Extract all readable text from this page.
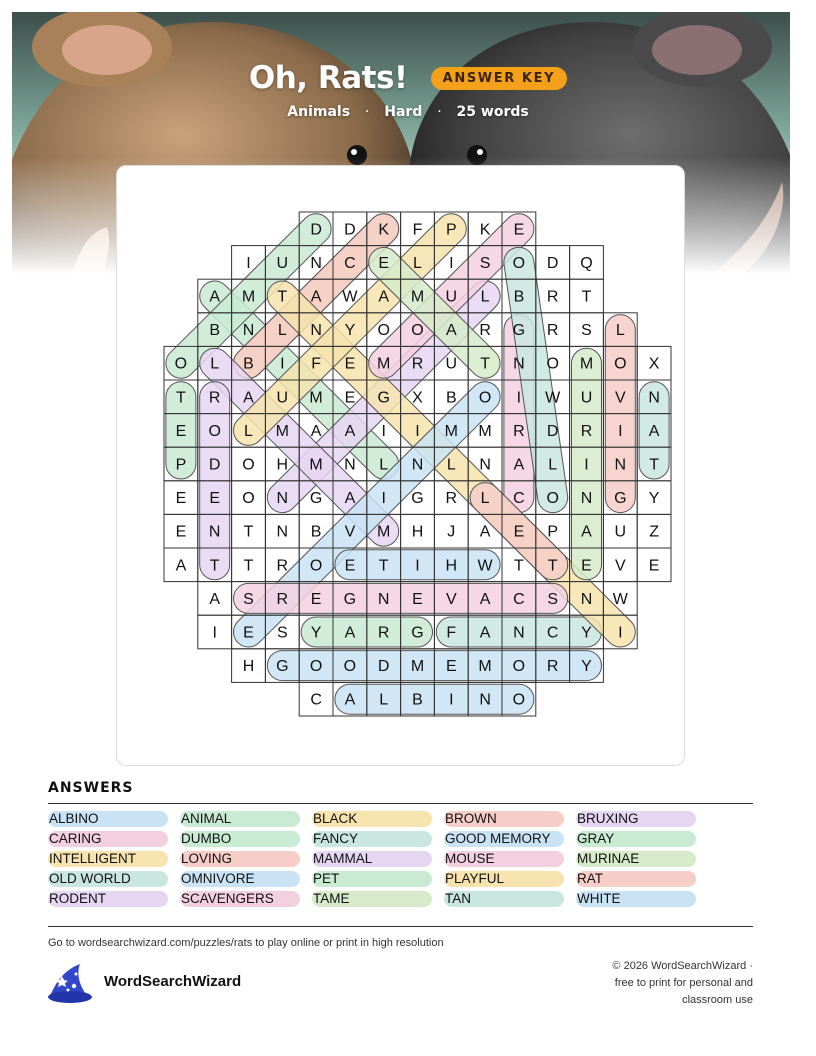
Oh, Rats!	ANSWER KEY
Animals · Hard · 25 words
D D K F P K E
I U N C E L I S O D Q
A M T A W A M U L B R T
B N L N Y O O A R G R S L
O L B I F E M R U T N O M O X
T R A U M E G X B O I W U V N
E O L M A A I I M M R D R I A
P D O H M N L N L N A L I N T
E E O N G A I G R L C O N G Y
E N T N B V M H J A E P A U Z
A T T R O E T I H W T T E V E
A S R E G N E V A C S N W
I E S Y A R G F A N C Y I
H G O O D M E M O R Y
C A L B I N O
ANSWERS
ALBINO	ANIMAL	BLACK	BROWN	BRUXING
CARING	DUMBO	FANCY	GOOD MEMORY	GRAY
INTELLIGENT	LOVING	MAMMAL	MOUSE	MURINAE
OLD WORLD	OMNIVORE	PET	PLAYFUL	RAT
RODENT	SCAVENGERS	TAME	TAN	WHITE
Go to wordsearchwizard.com/puzzles/rats to play online or print in high resolution
WordSearchWizard
© 2026 WordSearchWizard ·
free to print for personal and
classroom use
